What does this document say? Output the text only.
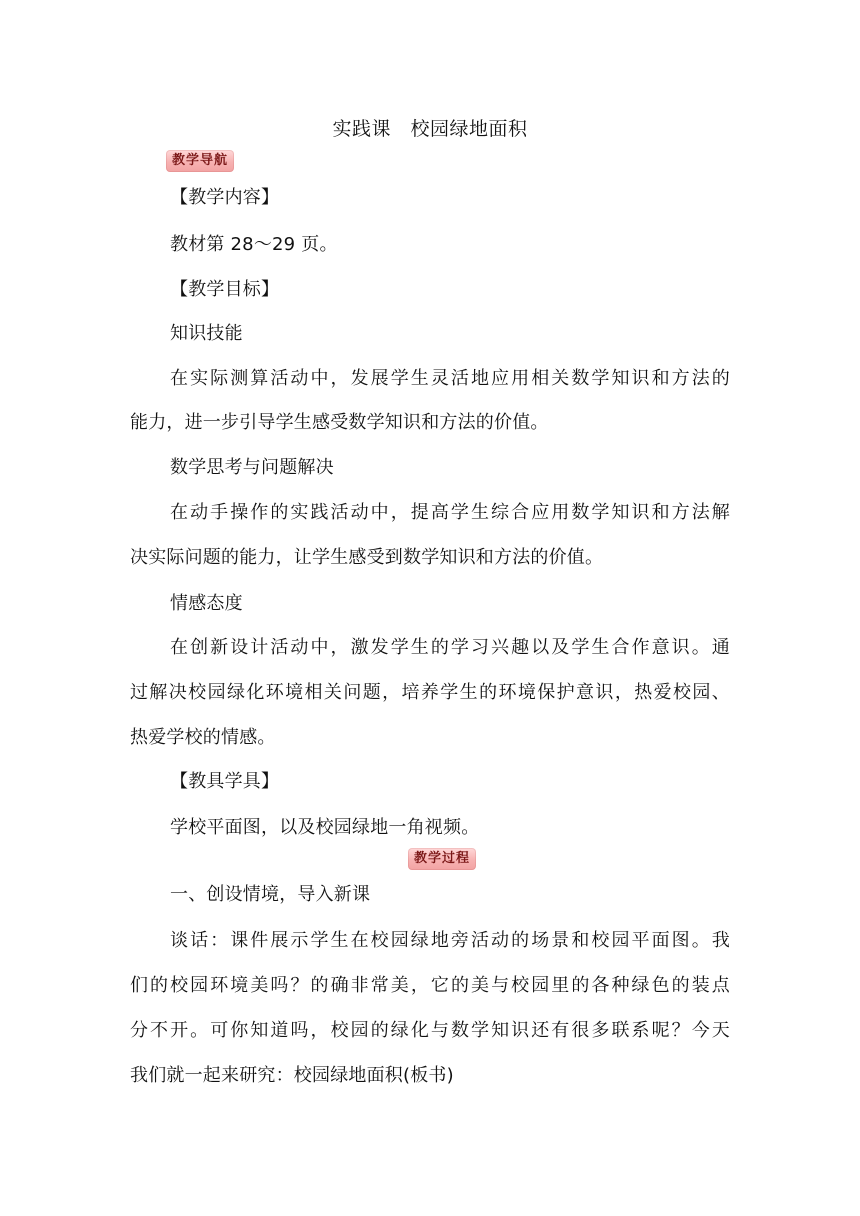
实践课　校园绿地面积
教学导航
【教学内容】
教材第 28～29 页。
【教学目标】
知识技能
在实际测算活动中，发展学生灵活地应用相关数学知识和方法的
能力，进一步引导学生感受数学知识和方法的价值。
数学思考与问题解决
在动手操作的实践活动中，提高学生综合应用数学知识和方法解
决实际问题的能力，让学生感受到数学知识和方法的价值。
情感态度
在创新设计活动中，激发学生的学习兴趣以及学生合作意识。通
过解决校园绿化环境相关问题，培养学生的环境保护意识，热爱校园、
热爱学校的情感。
【教具学具】
学校平面图，以及校园绿地一角视频。
教学过程
一、创设情境，导入新课
谈话：课件展示学生在校园绿地旁活动的场景和校园平面图。我
们的校园环境美吗？的确非常美，它的美与校园里的各种绿色的装点
分不开。可你知道吗，校园的绿化与数学知识还有很多联系呢？今天
我们就一起来研究：校园绿地面积(板书)
